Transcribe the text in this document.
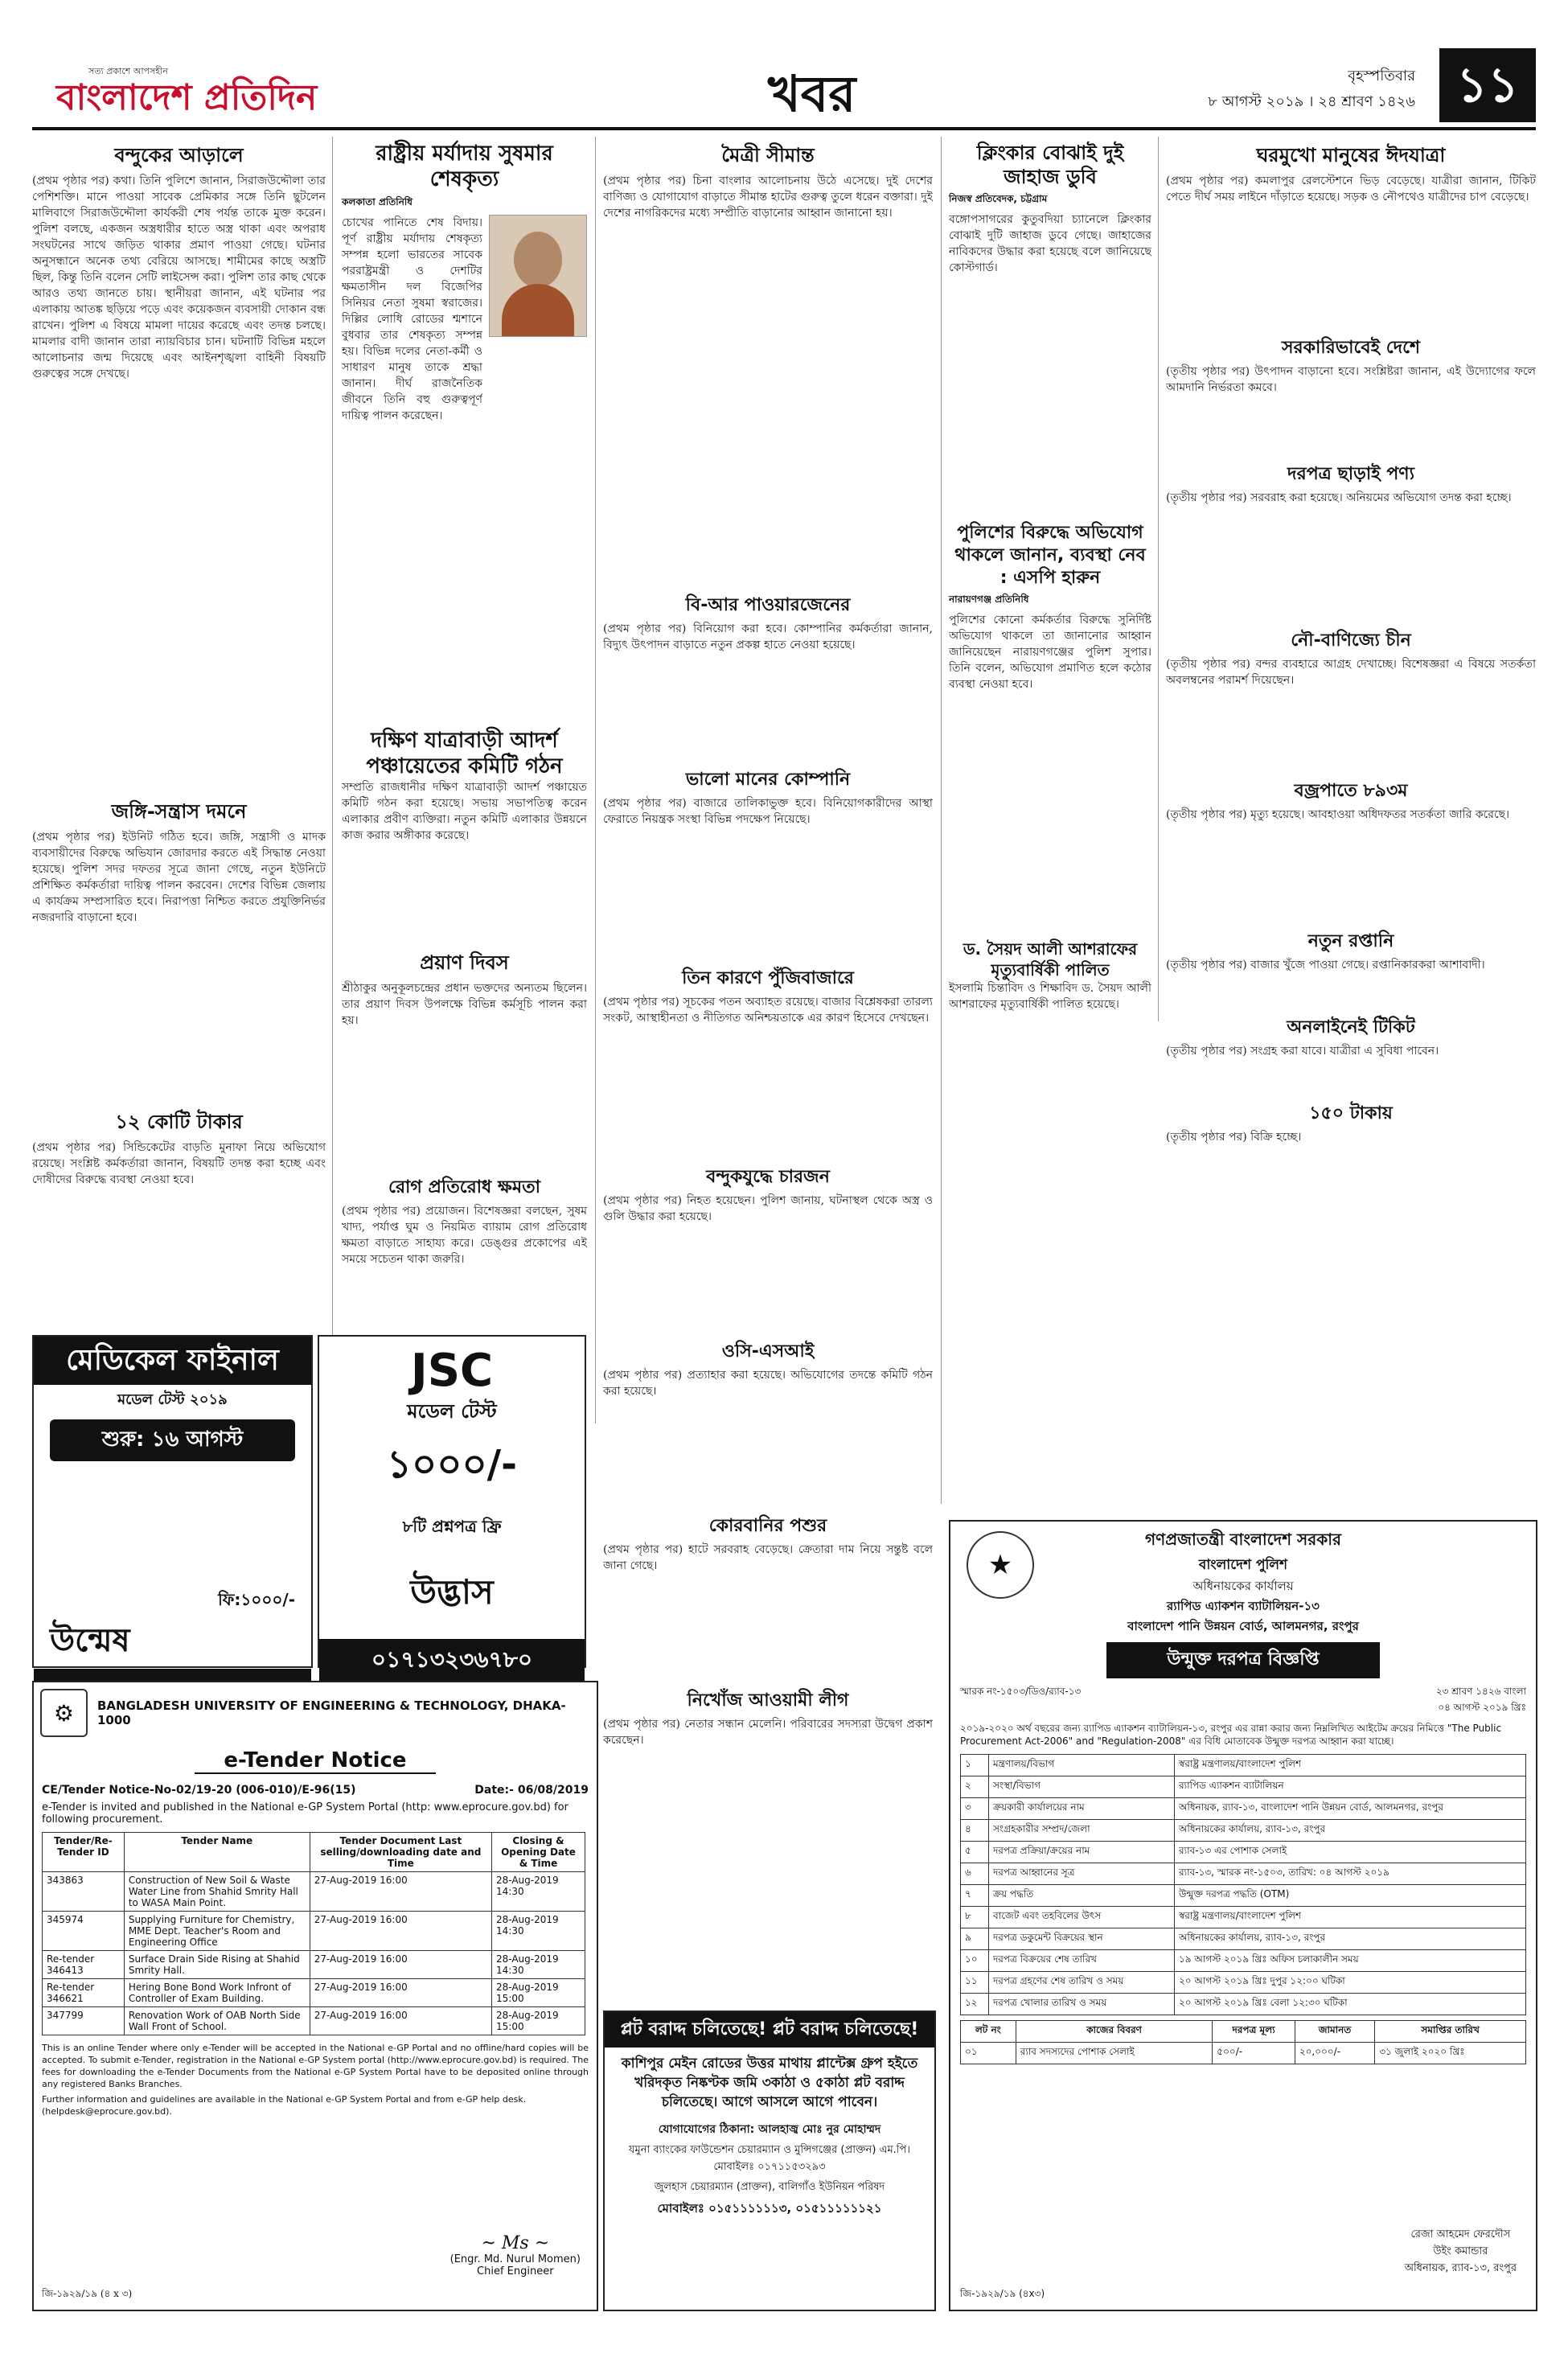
সত্য প্রকাশে আপসহীন
বাংলাদেশ প্রতিদিন	খবর	বৃহস্পতিবার
৮ আগস্ট ২০১৯ । ২৪ শ্রাবণ ১৪২৬ ১১
বন্দুকের আড়ালে
(প্রথম পৃষ্ঠার পর) কথা। তিনি পুলিশে জানান, সিরাজউদ্দৌলা তার পেশিশক্তি। মানে পাওয়া সাবেক প্রেমিকার সঙ্গে তিনি ছুটলেন মালিবাগে সিরাজউদ্দৌলা কার্যকরী শেষ পর্যন্ত তাকে মুক্ত করেন। পুলিশ বলছে, একজন অস্ত্রধারীর হাতে অস্ত্র থাকা এবং অপরাধ সংঘটনের সাথে জড়িত থাকার প্রমাণ পাওয়া গেছে। ঘটনার অনুসন্ধানে অনেক তথ্য বেরিয়ে আসছে। শামীমের কাছে অস্ত্রটি ছিল, কিন্তু তিনি বলেন সেটি লাইসেন্স করা। পুলিশ তার কাছ থেকে আরও তথ্য জানতে চায়। স্থানীয়রা জানান, এই ঘটনার পর এলাকায় আতঙ্ক ছড়িয়ে পড়ে এবং কয়েকজন ব্যবসায়ী দোকান বন্ধ রাখেন। পুলিশ এ বিষয়ে মামলা দায়ের করেছে এবং তদন্ত চলছে। মামলার বাদী জানান তারা ন্যায়বিচার চান। ঘটনাটি বিভিন্ন মহলে আলোচনার জন্ম দিয়েছে এবং আইনশৃঙ্খলা বাহিনী বিষয়টি গুরুত্বের সঙ্গে দেখছে।
জঙ্গি-সন্ত্রাস দমনে
(প্রথম পৃষ্ঠার পর) ইউনিট গঠিত হবে। জঙ্গি, সন্ত্রাসী ও মাদক ব্যবসায়ীদের বিরুদ্ধে অভিযান জোরদার করতে এই সিদ্ধান্ত নেওয়া হয়েছে। পুলিশ সদর দফতর সূত্রে জানা গেছে, নতুন ইউনিটে প্রশিক্ষিত কর্মকর্তারা দায়িত্ব পালন করবেন। দেশের বিভিন্ন জেলায় এ কার্যক্রম সম্প্রসারিত হবে। নিরাপত্তা নিশ্চিত করতে প্রযুক্তিনির্ভর নজরদারি বাড়ানো হবে।
১২ কোটি টাকার
(প্রথম পৃষ্ঠার পর) সিন্ডিকেটের বাড়তি মুনাফা নিয়ে অভিযোগ রয়েছে। সংশ্লিষ্ট কর্মকর্তারা জানান, বিষয়টি তদন্ত করা হচ্ছে এবং দোষীদের বিরুদ্ধে ব্যবস্থা নেওয়া হবে।
রাষ্ট্রীয় মর্যাদায় সুষমার শেষকৃত্য
কলকাতা প্রতিনিধি
চোখের পানিতে শেষ বিদায়। পূর্ণ রাষ্ট্রীয় মর্যাদায় শেষকৃত্য সম্পন্ন হলো ভারতের সাবেক পররাষ্ট্রমন্ত্রী ও দেশটির ক্ষমতাসীন দল বিজেপির সিনিয়র নেতা সুষমা স্বরাজের। দিল্লির লোধি রোডের শ্মশানে বুধবার তার শেষকৃত্য সম্পন্ন হয়। বিভিন্ন দলের নেতা-কর্মী ও সাধারণ মানুষ তাকে শ্রদ্ধা জানান। দীর্ঘ রাজনৈতিক জীবনে তিনি বহু গুরুত্বপূর্ণ দায়িত্ব পালন করেছেন।
দক্ষিণ যাত্রাবাড়ী আদর্শ পঞ্চায়েতের কমিটি গঠন
সম্প্রতি রাজধানীর দক্ষিণ যাত্রাবাড়ী আদর্শ পঞ্চায়েত কমিটি গঠন করা হয়েছে। সভায় সভাপতিত্ব করেন এলাকার প্রবীণ ব্যক্তিরা। নতুন কমিটি এলাকার উন্নয়নে কাজ করার অঙ্গীকার করেছে।
প্রয়াণ দিবস
শ্রীঠাকুর অনুকূলচন্দ্রের প্রধান ভক্তদের অন্যতম ছিলেন। তার প্রয়াণ দিবস উপলক্ষে বিভিন্ন কর্মসূচি পালন করা হয়।
রোগ প্রতিরোধ ক্ষমতা
(প্রথম পৃষ্ঠার পর) প্রয়োজন। বিশেষজ্ঞরা বলছেন, সুষম খাদ্য, পর্যাপ্ত ঘুম ও নিয়মিত ব্যায়াম রোগ প্রতিরোধ ক্ষমতা বাড়াতে সাহায্য করে। ডেঙ্গুর প্রকোপের এই সময়ে সচেতন থাকা জরুরি।
মৈত্রী সীমান্ত
(প্রথম পৃষ্ঠার পর) চিনা বাংলার আলোচনায় উঠে এসেছে। দুই দেশের বাণিজ্য ও যোগাযোগ বাড়াতে সীমান্ত হাটের গুরুত্ব তুলে ধরেন বক্তারা। দুই দেশের নাগরিকদের মধ্যে সম্প্রীতি বাড়ানোর আহ্বান জানানো হয়।
বি-আর পাওয়ারজেনের
(প্রথম পৃষ্ঠার পর) বিনিয়োগ করা হবে। কোম্পানির কর্মকর্তারা জানান, বিদ্যুৎ উৎপাদন বাড়াতে নতুন প্রকল্প হাতে নেওয়া হয়েছে।
ভালো মানের কোম্পানি
(প্রথম পৃষ্ঠার পর) বাজারে তালিকাভুক্ত হবে। বিনিয়োগকারীদের আস্থা ফেরাতে নিয়ন্ত্রক সংস্থা বিভিন্ন পদক্ষেপ নিয়েছে।
তিন কারণে পুঁজিবাজারে
(প্রথম পৃষ্ঠার পর) সূচকের পতন অব্যাহত রয়েছে। বাজার বিশ্লেষকরা তারল্য সংকট, আস্থাহীনতা ও নীতিগত অনিশ্চয়তাকে এর কারণ হিসেবে দেখছেন।
বন্দুকযুদ্ধে চারজন
(প্রথম পৃষ্ঠার পর) নিহত হয়েছেন। পুলিশ জানায়, ঘটনাস্থল থেকে অস্ত্র ও গুলি উদ্ধার করা হয়েছে।
ওসি-এসআই
(প্রথম পৃষ্ঠার পর) প্রত্যাহার করা হয়েছে। অভিযোগের তদন্তে কমিটি গঠন করা হয়েছে।
কোরবানির পশুর
(প্রথম পৃষ্ঠার পর) হাটে সরবরাহ বেড়েছে। ক্রেতারা দাম নিয়ে সন্তুষ্ট বলে জানা গেছে।
নিখোঁজ আওয়ামী লীগ
(প্রথম পৃষ্ঠার পর) নেতার সন্ধান মেলেনি। পরিবারের সদস্যরা উদ্বেগ প্রকাশ করেছেন।
ক্লিংকার বোঝাই দুই জাহাজ ডুবি
নিজস্ব প্রতিবেদক, চট্টগ্রাম
বঙ্গোপসাগরের কুতুবদিয়া চ্যানেলে ক্লিংকার বোঝাই দুটি জাহাজ ডুবে গেছে। জাহাজের নাবিকদের উদ্ধার করা হয়েছে বলে জানিয়েছে কোস্টগার্ড।
পুলিশের বিরুদ্ধে অভিযোগ থাকলে জানান, ব্যবস্থা নেব : এসপি হারুন
নারায়ণগঞ্জ প্রতিনিধি
পুলিশের কোনো কর্মকর্তার বিরুদ্ধে সুনির্দিষ্ট অভিযোগ থাকলে তা জানানোর আহ্বান জানিয়েছেন নারায়ণগঞ্জের পুলিশ সুপার। তিনি বলেন, অভিযোগ প্রমাণিত হলে কঠোর ব্যবস্থা নেওয়া হবে।
ড. সৈয়দ আলী আশরাফের মৃত্যুবার্ষিকী পালিত
ইসলামি চিন্তাবিদ ও শিক্ষাবিদ ড. সৈয়দ আলী আশরাফের মৃত্যুবার্ষিকী পালিত হয়েছে।
ঘরমুখো মানুষের ঈদযাত্রা
(প্রথম পৃষ্ঠার পর) কমলাপুর রেলস্টেশনে ভিড় বেড়েছে। যাত্রীরা জানান, টিকিট পেতে দীর্ঘ সময় লাইনে দাঁড়াতে হয়েছে। সড়ক ও নৌপথেও যাত্রীদের চাপ বেড়েছে।
সরকারিভাবেই দেশে
(তৃতীয় পৃষ্ঠার পর) উৎপাদন বাড়ানো হবে। সংশ্লিষ্টরা জানান, এই উদ্যোগের ফলে আমদানি নির্ভরতা কমবে।
দরপত্র ছাড়াই পণ্য
(তৃতীয় পৃষ্ঠার পর) সরবরাহ করা হয়েছে। অনিয়মের অভিযোগ তদন্ত করা হচ্ছে।
নৌ-বাণিজ্যে চীন
(তৃতীয় পৃষ্ঠার পর) বন্দর ব্যবহারে আগ্রহ দেখাচ্ছে। বিশেষজ্ঞরা এ বিষয়ে সতর্কতা অবলম্বনের পরামর্শ দিয়েছেন।
বজ্রপাতে ৮৯৩ম
(তৃতীয় পৃষ্ঠার পর) মৃত্যু হয়েছে। আবহাওয়া অধিদফতর সতর্কতা জারি করেছে।
নতুন রপ্তানি
(তৃতীয় পৃষ্ঠার পর) বাজার খুঁজে পাওয়া গেছে। রপ্তানিকারকরা আশাবাদী।
অনলাইনেই টিকিট
(তৃতীয় পৃষ্ঠার পর) সংগ্রহ করা যাবে। যাত্রীরা এ সুবিধা পাবেন।
১৫০ টাকায়
(তৃতীয় পৃষ্ঠার পর) বিক্রি হচ্ছে।
মেডিকেল ফাইনাল
মডেল টেস্ট ২০১৯
শুরু: ১৬ আগস্ট
ফি:১০০০/-
উন্মেষ
JSC
মডেল টেস্ট
১০০০/-
৮টি প্রশ্নপত্র ফ্রি
উদ্ভাস
০১৭১৩২৩৬৭৮০
⚙	BANGLADESH UNIVERSITY OF ENGINEERING & TECHNOLOGY, DHAKA-1000
e-Tender Notice
CE/Tender Notice-No-02/19-20 (006-010)/E-96(15)	Date:- 06/08/2019
e-Tender is invited and published in the National e-GP System Portal (http: www.eprocure.gov.bd) for following procurement.
Tender/Re-Tender ID	Tender Name	Tender Document Last selling/downloading date and Time	Closing & Opening Date & Time
343863	Construction of New Soil & Waste Water Line from Shahid Smrity Hall to WASA Main Point.	27-Aug-2019 16:00	28-Aug-2019 14:30
345974	Supplying Furniture for Chemistry, MME Dept. Teacher's Room and Engineering Office	27-Aug-2019 16:00	28-Aug-2019 14:30
Re-tender 346413	Surface Drain Side Rising at Shahid Smrity Hall.	27-Aug-2019 16:00	28-Aug-2019 14:30
Re-tender 346621	Hering Bone Bond Work Infront of Controller of Exam Building.	27-Aug-2019 16:00	28-Aug-2019 15:00
347799	Renovation Work of OAB North Side Wall Front of School.	27-Aug-2019 16:00	28-Aug-2019 15:00
This is an online Tender where only e-Tender will be accepted in the National e-GP Portal and no offline/hard copies will be accepted. To submit e-Tender, registration in the National e-GP System portal (http://www.eprocure.gov.bd) is required. The fees for downloading the e-Tender Documents from the National e-GP System Portal have to be deposited online through any registered Banks Branches.
Further information and guidelines are available in the National e-GP System Portal and from e-GP help desk.(helpdesk@eprocure.gov.bd).
~ Ms ~
(Engr. Md. Nurul Momen)
Chief Engineer
জি-১৯২৯/১৯ (৪ x ৩)
প্লট বরাদ্দ চলিতেছে! প্লট বরাদ্দ চলিতেছে!
কাশিপুর মেইন রোডের উত্তর মাথায় প্লান্টেক্স গ্রুপ হইতে খরিদকৃত নিষ্কণ্টক জমি ৩কাঠা ও ৫কাঠা প্লট বরাদ্দ চলিতেছে। আগে আসলে আগে পাবেন।
যোগাযোগের ঠিকানা: আলহাজ্ব মোঃ নুর মোহাম্মদ
যমুনা ব্যাংকের ফাউন্ডেশন চেয়ারম্যান ও মুন্সিগঞ্জের (প্রাক্তন) এম.পি। মোবাইলঃ ০১৭১১৫৩২৯৩
জুলহাস চেয়ারম্যান (প্রাক্তন), বালিগাঁও ইউনিয়ন পরিষদ
মোবাইলঃ ০১৫১১১১১১৩, ০১৫১১১১১১২১
★
গণপ্রজাতন্ত্রী বাংলাদেশ সরকার
বাংলাদেশ পুলিশ
অধিনায়কের কার্যালয়
র‌্যাপিড এ্যাকশন ব্যাটালিয়ন-১৩
বাংলাদেশ পানি উন্নয়ন বোর্ড, আলমনগর, রংপুর
উন্মুক্ত দরপত্র বিজ্ঞপ্তি
স্মারক নং-১৫০৩/ডিও/র‌্যাব-১৩	২৩ শ্রাবণ ১৪২৬ বাংলা
০৪ আগস্ট ২০১৯ খ্রিঃ
২০১৯-২০২০ অর্থ বছরের জন্য র‌্যাপিড এ্যাকশন ব্যাটালিয়ন-১৩, রংপুর এর রান্না করার জন্য নিম্নলিখিত আইটেম ক্রয়ের নিমিত্তে "The Public Procurement Act-2006" and "Regulation-2008" এর বিধি মোতাবেক উন্মুক্ত দরপত্র আহ্বান করা যাচ্ছে।
১	মন্ত্রণালয়/বিভাগ	স্বরাষ্ট্র মন্ত্রণালয়/বাংলাদেশ পুলিশ
২	সংস্থা/বিভাগ	র‌্যাপিড এ্যাকশন ব্যাটালিয়ন
৩	ক্রয়কারী কার্যালয়ের নাম	অধিনায়ক, র‌্যাব-১৩, বাংলাদেশ পানি উন্নয়ন বোর্ড, আলমনগর, রংপুর
৪	সংগ্রহকারীর সম্প্রদ/জেলা	অধিনায়কের কার্যালয়, র‌্যাব-১৩, রংপুর
৫	দরপত্র প্রক্রিয়া/ক্রয়ের নাম	র‌্যাব-১৩ এর পোশাক সেলাই
৬	দরপত্র আহ্বানের সূত্র	র‌্যাব-১৩, স্মারক নং-১৫০৩, তারিখ: ০৪ আগস্ট ২০১৯
৭	ক্রয় পদ্ধতি	উন্মুক্ত দরপত্র পদ্ধতি (OTM)
৮	বাজেট এবং তহবিলের উৎস	স্বরাষ্ট্র মন্ত্রণালয়/বাংলাদেশ পুলিশ
৯	দরপত্র ডকুমেন্ট বিক্রয়ের স্থান	অধিনায়কের কার্যালয়, র‌্যাব-১৩, রংপুর
১০	দরপত্র বিক্রয়ের শেষ তারিখ	১৯ আগস্ট ২০১৯ খ্রিঃ অফিস চলাকালীন সময়
১১	দরপত্র গ্রহণের শেষ তারিখ ও সময়	২০ আগস্ট ২০১৯ খ্রিঃ দুপুর ১২:০০ ঘটিকা
১২	দরপত্র খোলার তারিখ ও সময়	২০ আগস্ট ২০১৯ খ্রিঃ বেলা ১২:৩০ ঘটিকা
লট নং	কাজের বিবরণ	দরপত্র মূল্য	জামানত	সমাপ্তির তারিখ
০১	র‌্যাব সদস্যদের পোশাক সেলাই	৫০০/-	২০,০০০/-	৩১ জুলাই ২০২০ খ্রিঃ
রেজা আহমেদ ফেরদৌস
উইং কমান্ডার
অধিনায়ক, র‌্যাব-১৩, রংপুর
জি-১৯২৯/১৯ (৪x৩)
